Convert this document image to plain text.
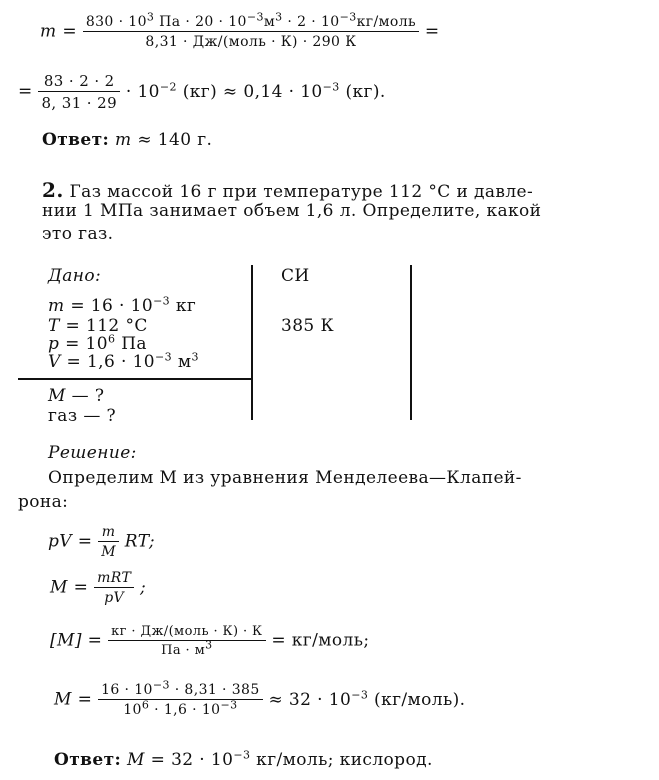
$m = \frac{830 \cdot 10^3 Па \cdot 20 \cdot 10^{-3}м^3 \cdot 2 \cdot 10^{-3}кг/моль}{\text{8,31 · Дж/(моль · К) · 290 К}}$ =
= $\frac{83 \cdot 2 \cdot 2}{8, 31 \cdot 29} \cdot 10^{-2}$ $(кг) \approx 0,14 \cdot 10^{-3}$ (кг).
Ответ: m ≈ 140 г.
2. Газ массой 16 г при температуре 112 °С и давле-
нии 1 МПа занимает объем 1,6 л. Определите, какой
это газ.
Дано:	СИ
$m = 16 \cdot 10^{-3}$ кг
T = 112 °С	385 К
$p = 10^6$ Па
$V = 1,6 \cdot 10^{-3}$ $м^3$
M — ?
газ — ?
Решение:
Определим M из уравнения Менделеева—Клапей-
рона:
pV = $\frac{m}{M}$ RT;
$M = \frac{\text{mRT}}{pV}$ ;
$[M] = \frac{\text{кг · Дж/(моль · К) · К}}{Па \cdot м^3}$ = кг/моль;
$M = \frac{16 \cdot 10^{-3} \cdot 8,31 \cdot 385}{10^6 \cdot 1,6 \cdot 10^{-3}} \approx 32 \cdot 10^{-3}$ (кг/моль).
Ответ: $M = 32 \cdot 10^{-3}$ кг/моль; кислород.
